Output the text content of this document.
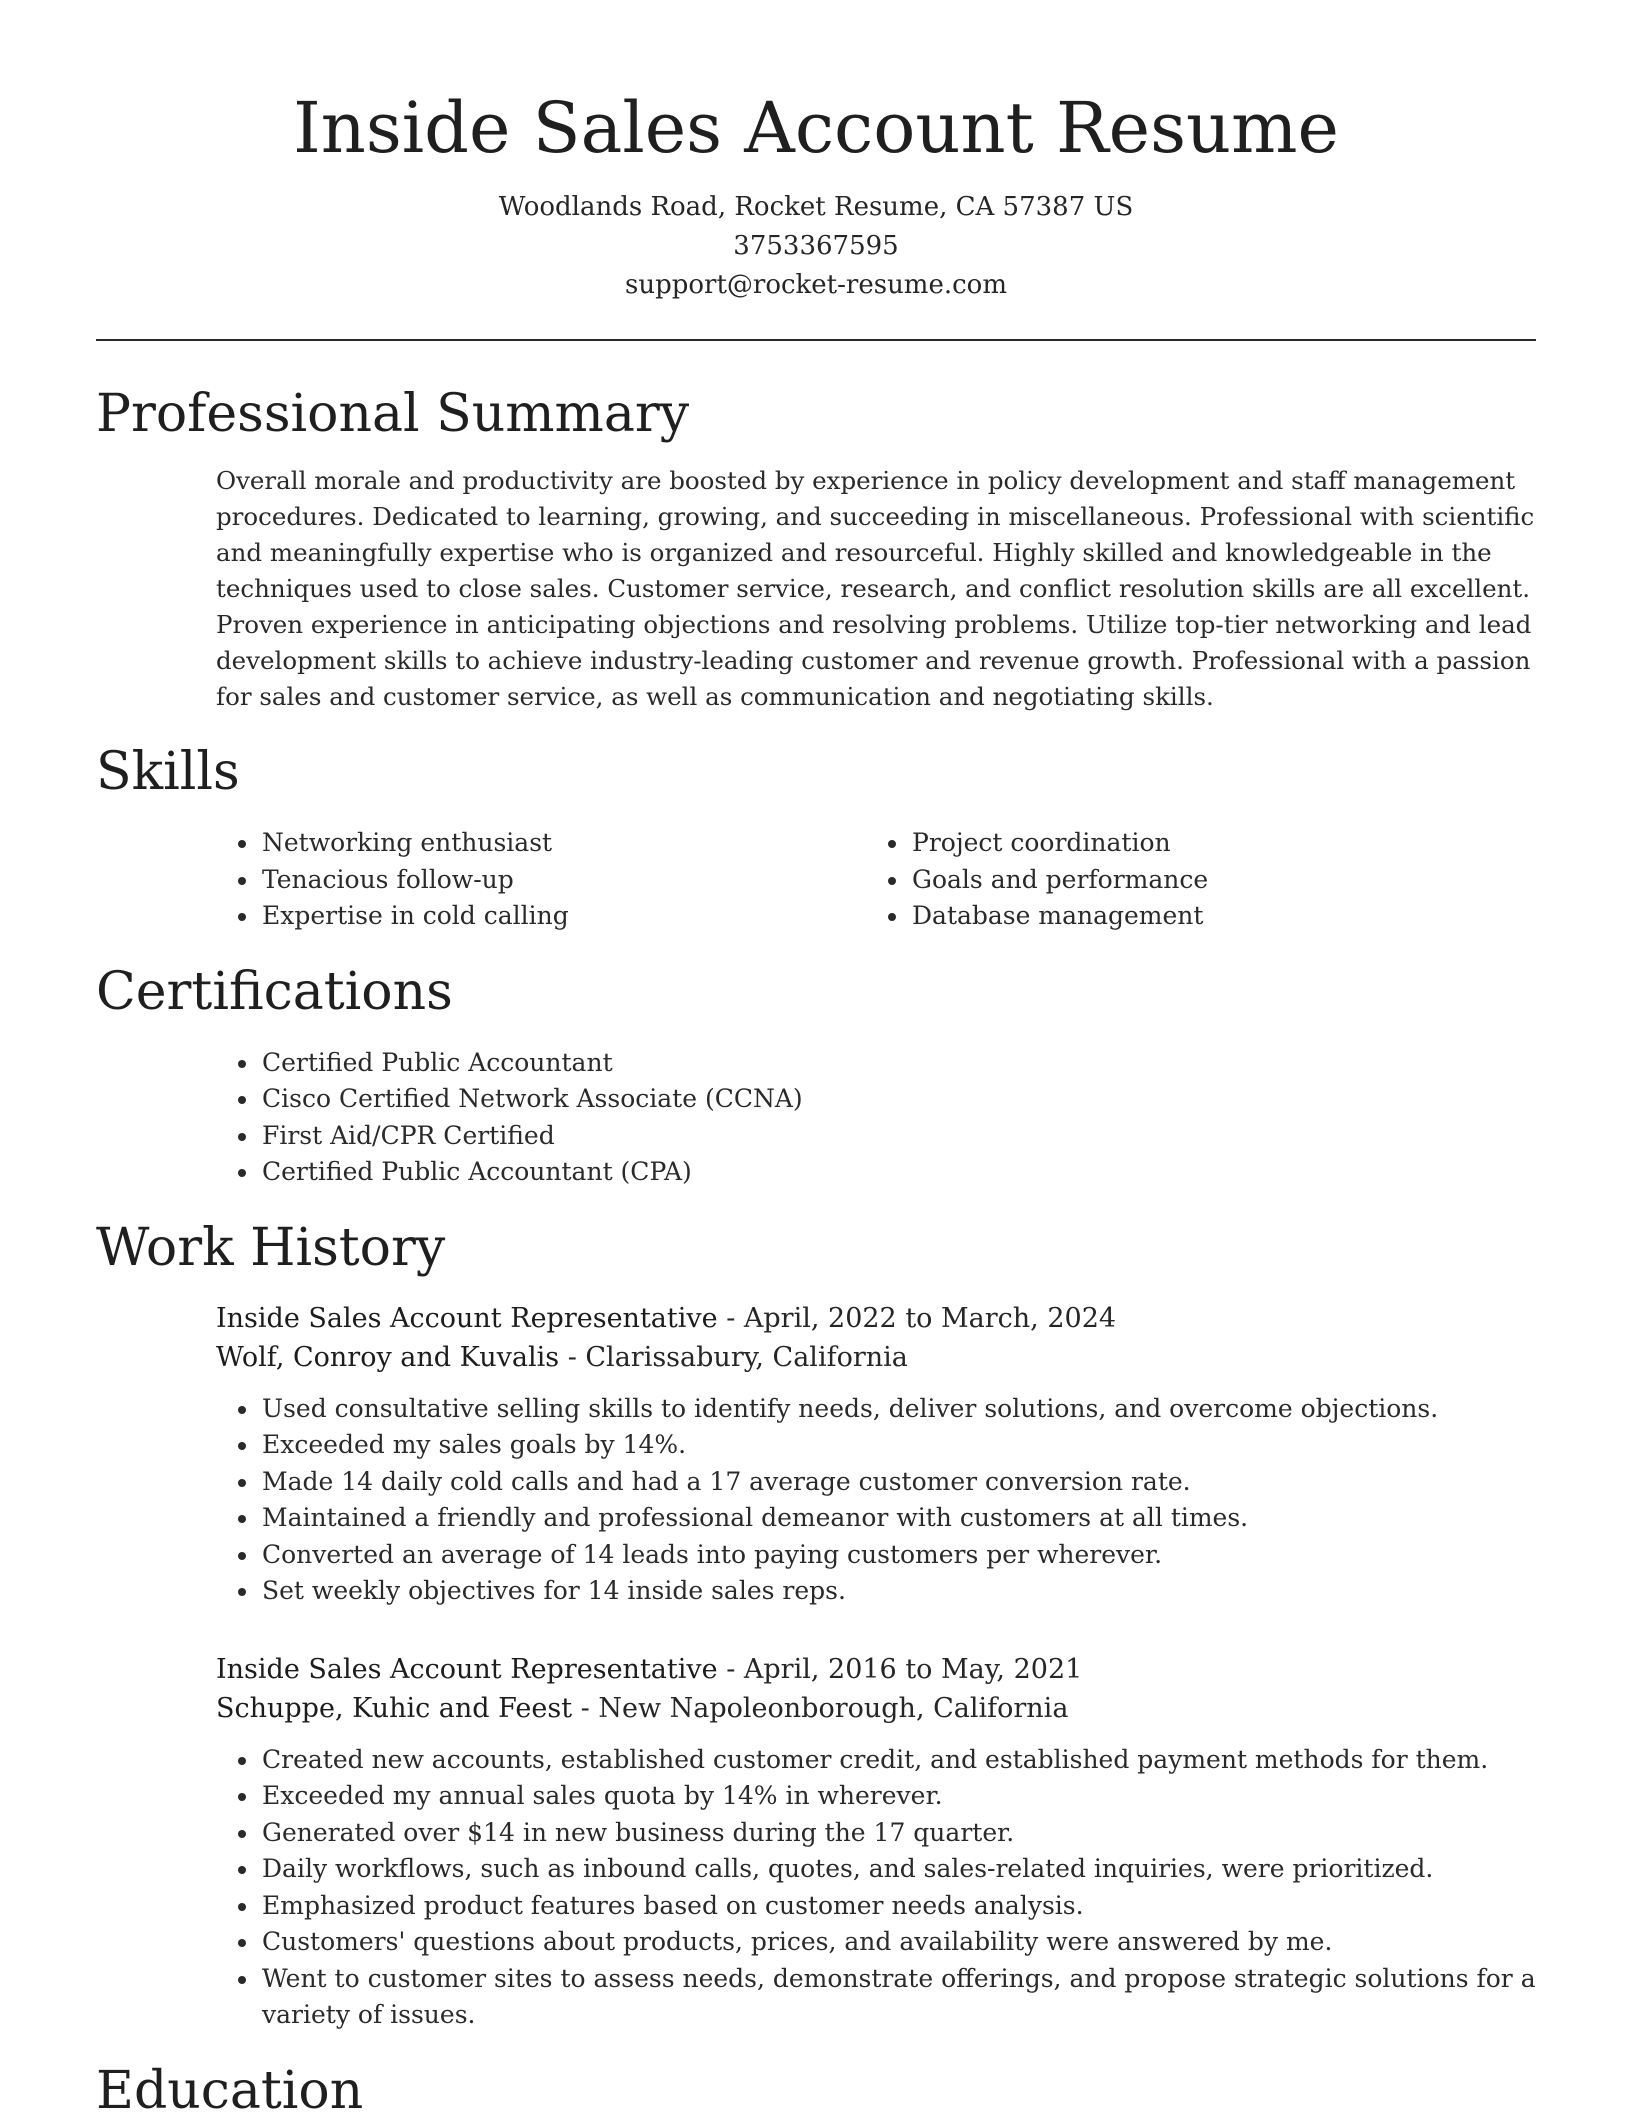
Inside Sales Account Resume
Woodlands Road, Rocket Resume, CA 57387 US
3753367595
support@rocket-resume.com
Professional Summary

Overall morale and productivity are boosted by experience in policy development and staff management procedures. Dedicated to learning, growing, and succeeding in miscellaneous. Professional with scientific and meaningfully expertise who is organized and resourceful. Highly skilled and knowledgeable in the techniques used to close sales. Customer service, research, and conflict resolution skills are all excellent. Proven experience in anticipating objections and resolving problems. Utilize top-tier networking and lead development skills to achieve industry-leading customer and revenue growth. Professional with a passion for sales and customer service, as well as communication and negotiating skills.

Skills
• Networking enthusiast
• Tenacious follow-up
• Expertise in cold calling
• Project coordination
• Goals and performance
• Database management
Certifications
• Certified Public Accountant
• Cisco Certified Network Associate (CCNA)
• First Aid/CPR Certified
• Certified Public Accountant (CPA)
Work History
Inside Sales Account Representative - April, 2022 to March, 2024
Wolf, Conroy and Kuvalis - Clarissabury, California
• Used consultative selling skills to identify needs, deliver solutions, and overcome objections.
• Exceeded my sales goals by 14%.
• Made 14 daily cold calls and had a 17 average customer conversion rate.
• Maintained a friendly and professional demeanor with customers at all times.
• Converted an average of 14 leads into paying customers per wherever.
• Set weekly objectives for 14 inside sales reps.
Inside Sales Account Representative - April, 2016 to May, 2021
Schuppe, Kuhic and Feest - New Napoleonborough, California
• Created new accounts, established customer credit, and established payment methods for them.
• Exceeded my annual sales quota by 14% in wherever.
• Generated over $14 in new business during the 17 quarter.
• Daily workflows, such as inbound calls, quotes, and sales-related inquiries, were prioritized.
• Emphasized product features based on customer needs analysis.
• Customers' questions about products, prices, and availability were answered by me.
• Went to customer sites to assess needs, demonstrate offerings, and propose strategic solutions for a variety of issues.
Education
